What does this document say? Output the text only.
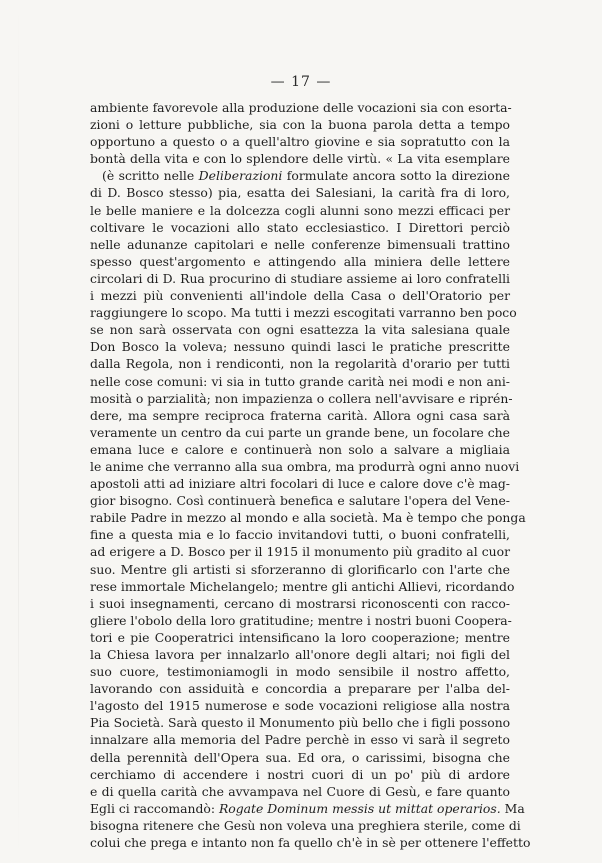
— 17 —
ambiente favorevole alla produzione delle vocazioni sia con esorta-
zioni o letture pubbliche, sia con la buona parola detta a tempo
opportuno a questo o a quell'altro giovine e sia sopratutto con la
bontà della vita e con lo splendore delle virtù. « La vita esemplare
(è scritto nelle Deliberazioni formulate ancora sotto la direzione
di D. Bosco stesso) pia, esatta dei Salesiani, la carità fra di loro,
le belle maniere e la dolcezza cogli alunni sono mezzi efficaci per
coltivare le vocazioni allo stato ecclesiastico. I Direttori perciò
nelle adunanze capitolari e nelle conferenze bimensuali trattino
spesso quest'argomento e attingendo alla miniera delle lettere
circolari di D. Rua procurino di studiare assieme ai loro confratelli
i mezzi più convenienti all'indole della Casa o dell'Oratorio per
raggiungere lo scopo. Ma tutti i mezzi escogitati varranno ben poco
se non sarà osservata con ogni esattezza la vita salesiana quale
Don Bosco la voleva; nessuno quindi lasci le pratiche prescritte
dalla Regola, non i rendiconti, non la regolarità d'orario per tutti
nelle cose comuni: vi sia in tutto grande carità nei modi e non ani-
mosità o parzialità; non impazienza o collera nell'avvisare e riprén-
dere, ma sempre reciproca fraterna carità. Allora ogni casa sarà
veramente un centro da cui parte un grande bene, un focolare che
emana luce e calore e continuerà non solo a salvare a migliaia
le anime che verranno alla sua ombra, ma produrrà ogni anno nuovi
apostoli atti ad iniziare altri focolari di luce e calore dove c'è mag-
gior bisogno. Così continuerà benefica e salutare l'opera del Vene-
rabile Padre in mezzo al mondo e alla società. Ma è tempo che ponga
fine a questa mia e lo faccio invitandovi tutti, o buoni confratelli,
ad erigere a D. Bosco per il 1915 il monumento più gradito al cuor
suo. Mentre gli artisti si sforzeranno di glorificarlo con l'arte che
rese immortale Michelangelo; mentre gli antichi Allievi, ricordando
i suoi insegnamenti, cercano di mostrarsi riconoscenti con racco-
gliere l'obolo della loro gratitudine; mentre i nostri buoni Coopera-
tori e pie Cooperatrici intensificano la loro cooperazione; mentre
la Chiesa lavora per innalzarlo all'onore degli altari; noi figli del
suo cuore, testimoniamogli in modo sensibile il nostro affetto,
lavorando con assiduità e concordia a preparare per l'alba del-
l'agosto del 1915 numerose e sode vocazioni religiose alla nostra
Pia Società. Sarà questo il Monumento più bello che i figli possono
innalzare alla memoria del Padre perchè in esso vi sarà il segreto
della perennità dell'Opera sua. Ed ora, o carissimi, bisogna che
cerchiamo di accendere i nostri cuori di un po' più di ardore
e di quella carità che avvampava nel Cuore di Gesù, e fare quanto
Egli ci raccomandò: Rogate Dominum messis ut mittat operarios. Ma
bisogna ritenere che Gesù non voleva una preghiera sterile, come di
colui che prega e intanto non fa quello ch'è in sè per ottenere l'effetto
